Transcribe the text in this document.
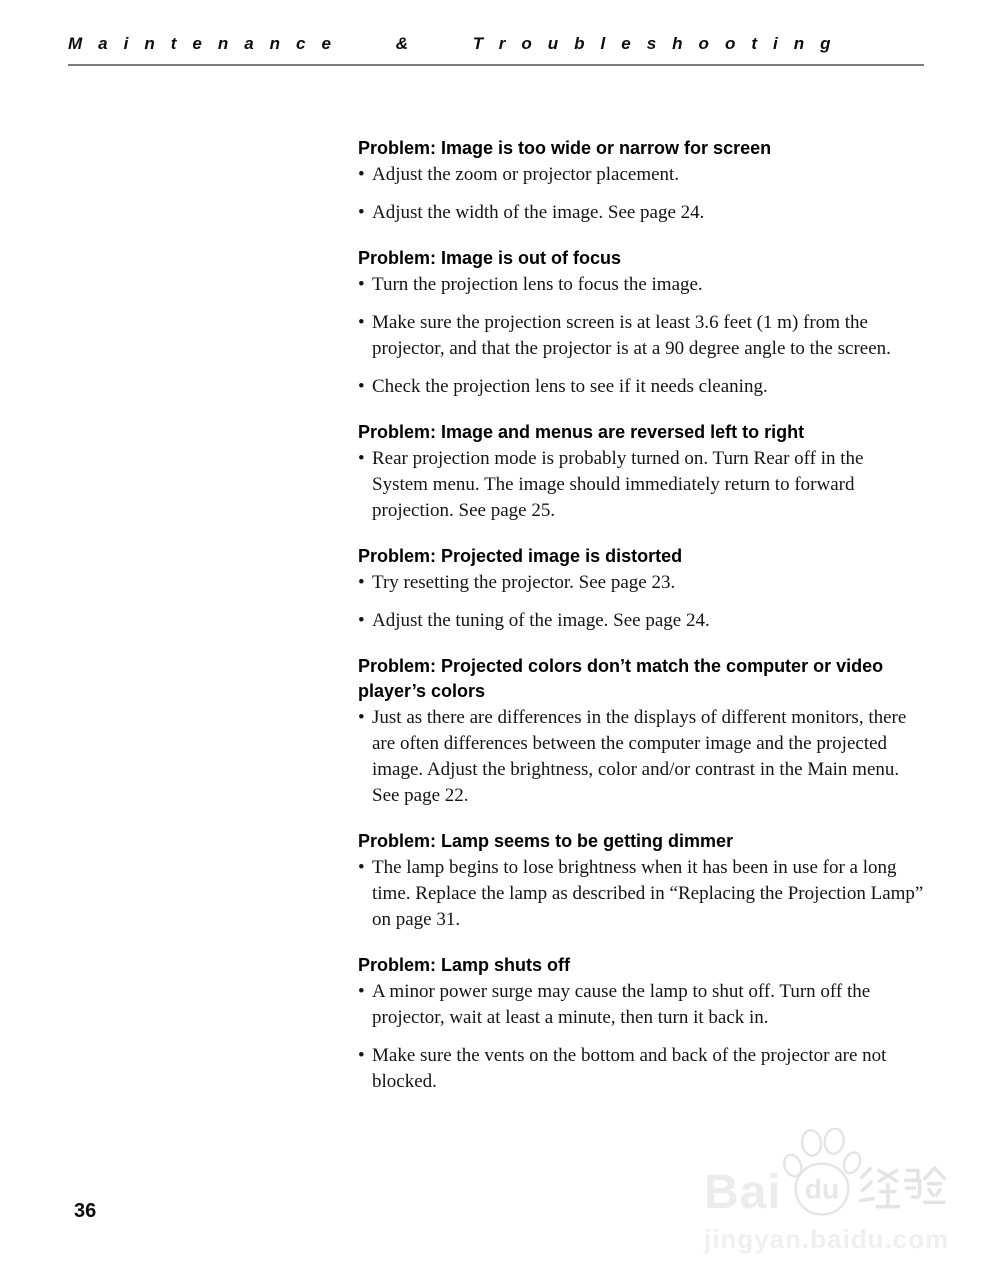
Maintenance & Troubleshooting
Problem: Image is too wide or narrow for screen
• Adjust the zoom or projector placement.
• Adjust the width of the image. See page 24.
Problem: Image is out of focus
• Turn the projection lens to focus the image.
• Make sure the projection screen is at least 3.6 feet (1 m) from the projector, and that the projector is at a 90 degree angle to the screen.
• Check the projection lens to see if it needs cleaning.
Problem: Image and menus are reversed left to right
• Rear projection mode is probably turned on. Turn Rear off in the System menu. The image should immediately return to forward projection. See page 25.
Problem: Projected image is distorted
• Try resetting the projector. See page 23.
• Adjust the tuning of the image. See page 24.
Problem: Projected colors don’t match the computer or video player’s colors
• Just as there are differences in the displays of different monitors, there are often differences between the computer image and the projected image. Adjust the brightness, color and/or contrast in the Main menu. See page 22.
Problem: Lamp seems to be getting dimmer
• The lamp begins to lose brightness when it has been in use for a long time. Replace the lamp as described in “Replacing the Projection Lamp” on page 31.
Problem: Lamp shuts off
• A minor power surge may cause the lamp to shut off. Turn off the projector, wait at least a minute, then turn it back in.
• Make sure the vents on the bottom and back of the projector are not blocked.
36	Bai du
jingyan.baidu.com
